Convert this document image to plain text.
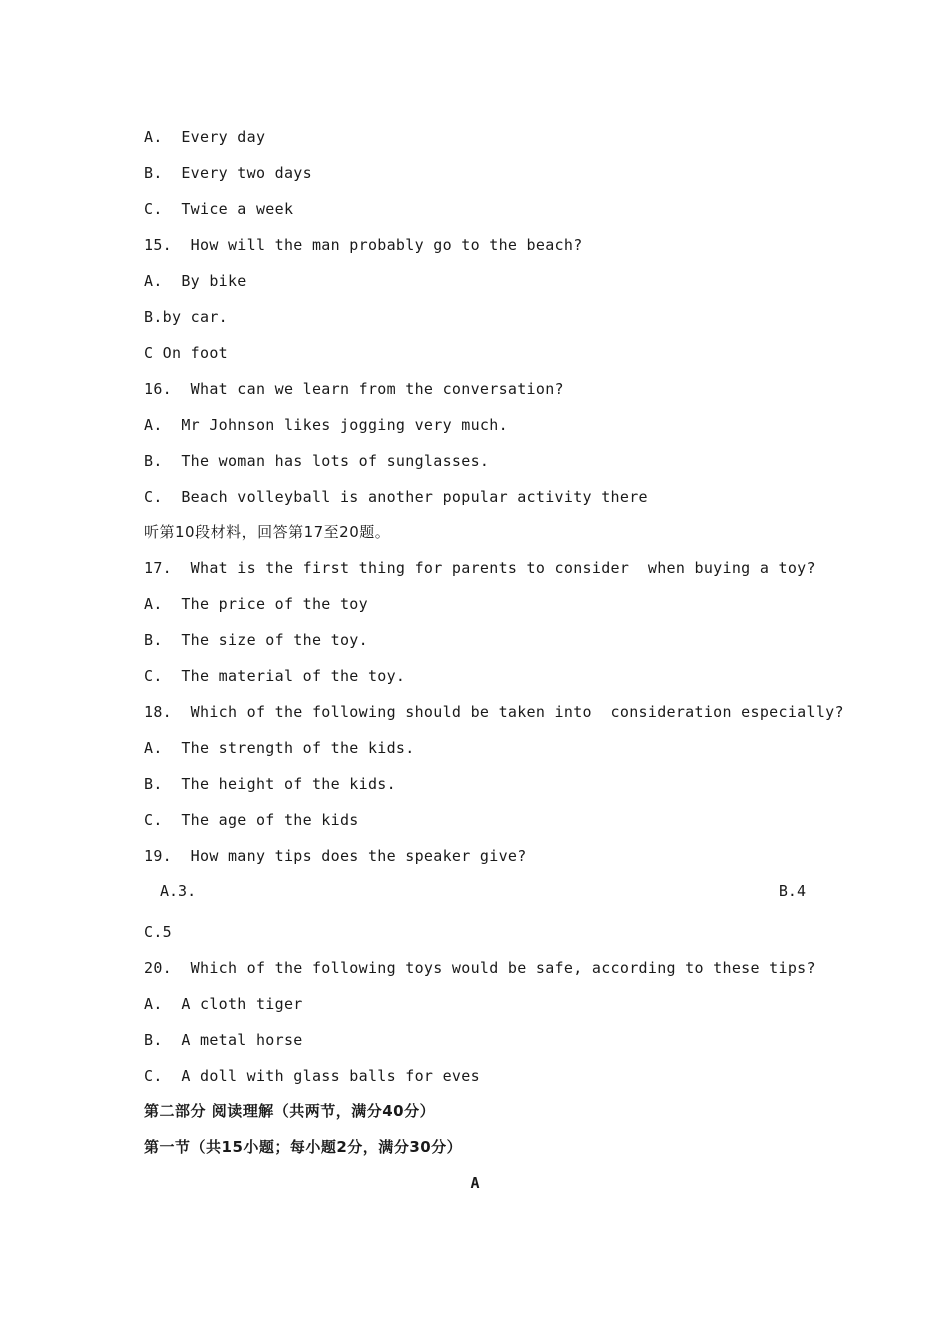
A.  Every day
B.  Every two days
C.  Twice a week
15.  How will the man probably go to the beach?
A.  By bike
B.by car.
C On foot
16.  What can we learn from the conversation?
A.  Mr Johnson likes jogging very much.
B.  The woman has lots of sunglasses.
C.  Beach volleyball is another popular activity there
听第10段材料，回答第17至20题。
17.  What is the first thing for parents to consider  when buying a toy?
A.  The price of the toy
B.  The size of the toy.
C.  The material of the toy.
18.  Which of the following should be taken into  consideration especially?
A.  The strength of the kids.
B.  The height of the kids.
C.  The age of the kids
19.  How many tips does the speaker give?
A.3.	B.4
C.5
20.  Which of the following toys would be safe, according to these tips?
A.  A cloth tiger
B.  A metal horse
C.  A doll with glass balls for eves
第二部分 阅读理解（共两节，满分40分）
第一节（共15小题；每小题2分，满分30分）
A
